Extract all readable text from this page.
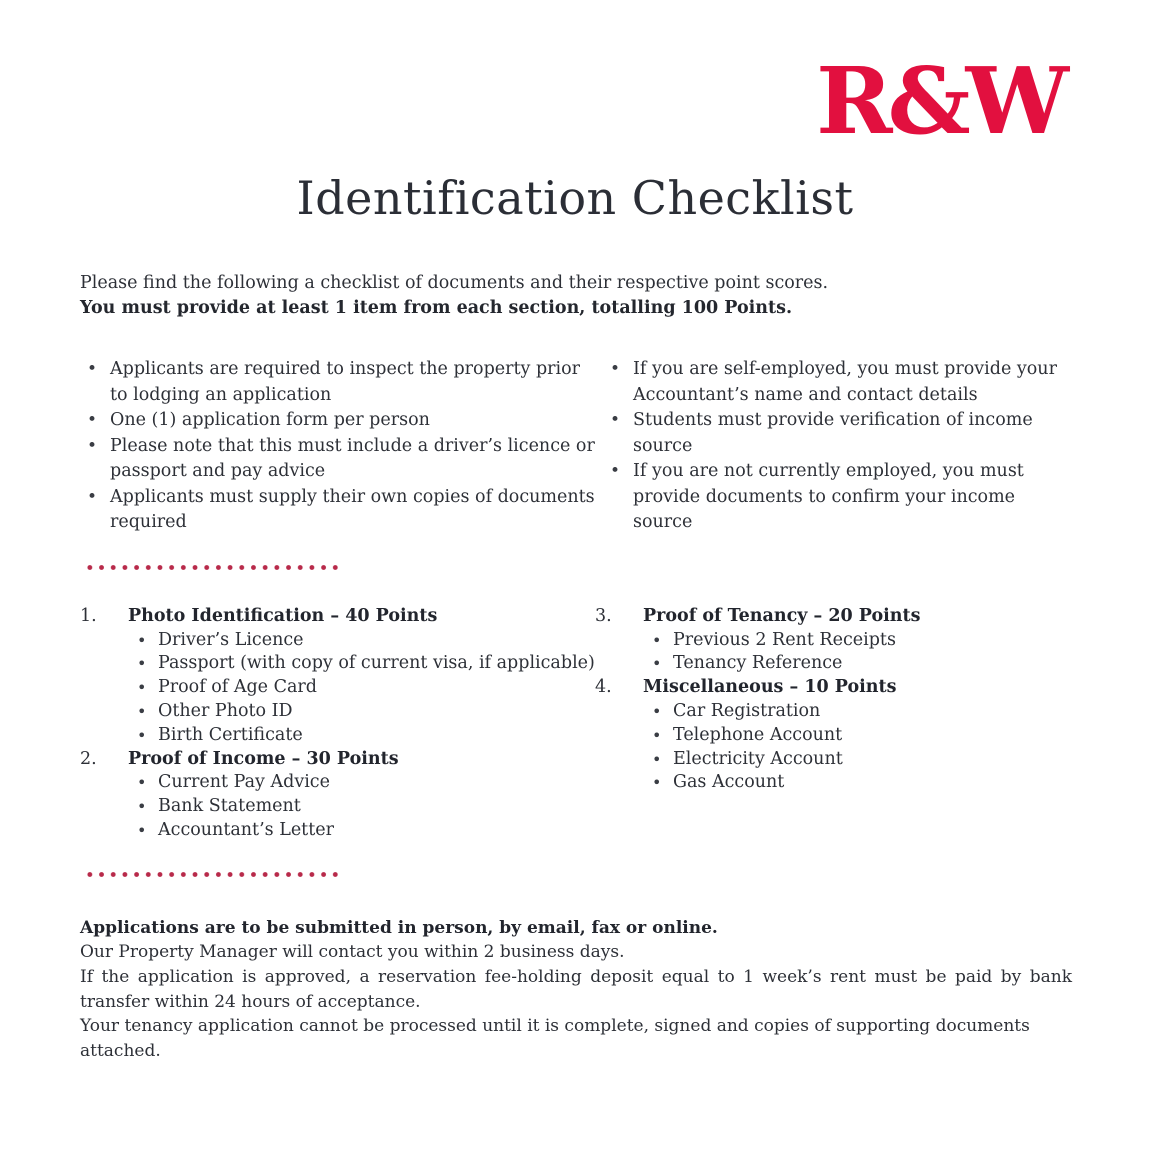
R&W
Identification Checklist

Please find the following a checklist of documents and their respective point scores.

You must provide at least 1 item from each section, totalling 100 Points.

• Applicants are required to inspect the property prior to lodging an application
• One (1) application form per person
• Please note that this must include a driver’s licence or passport and pay advice
• Applicants must supply their own copies of documents required
• If you are self-employed, you must provide your Accountant’s name and contact details
• Students must provide verification of income source
• If you are not currently employed, you must provide documents to confirm your income source
1.	Photo Identification – 40 Points
• Driver’s Licence
• Passport (with copy of current visa, if applicable)
• Proof of Age Card
• Other Photo ID
• Birth Certificate
2.	Proof of Income – 30 Points
• Current Pay Advice
• Bank Statement
• Accountant’s Letter
3.	Proof of Tenancy – 20 Points
• Previous 2 Rent Receipts
• Tenancy Reference
4.	Miscellaneous – 10 Points
• Car Registration
• Telephone Account
• Electricity Account
• Gas Account

Applications are to be submitted in person, by email, fax or online.

Our Property Manager will contact you within 2 business days.

If the application is approved, a reservation fee-holding deposit equal to 1 week’s rent must be paid by bank transfer within 24 hours of acceptance.

Your tenancy application cannot be processed until it is complete, signed and copies of supporting documents attached.
